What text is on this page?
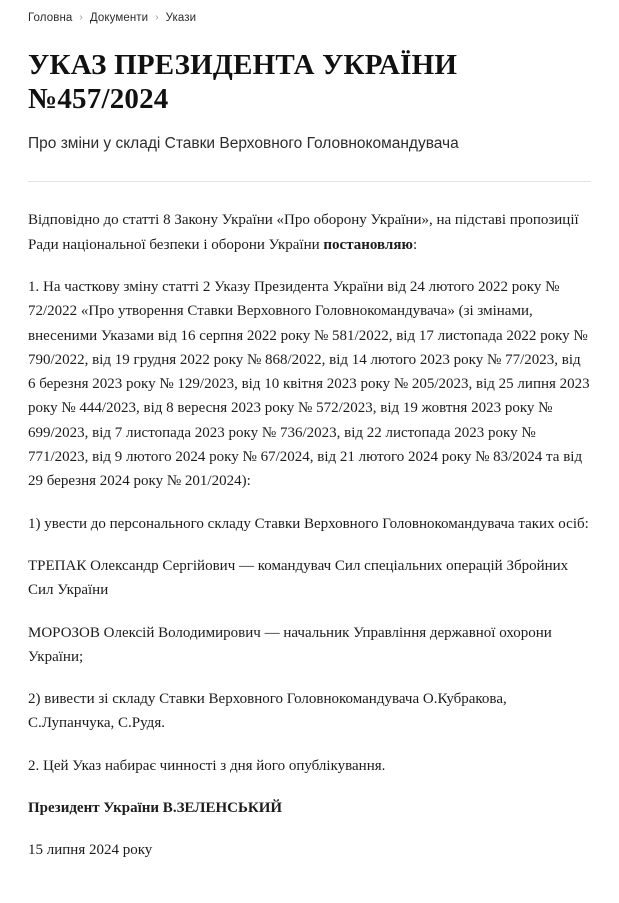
Головна › Документи › Укази
УКАЗ ПРЕЗИДЕНТА УКРАЇНИ №457/2024
Про зміни у складі Ставки Верховного Головнокомандувача

Відповідно до статті 8 Закону України «Про оборону України», на підставі пропозиції Ради національної безпеки і оборони України постановляю:

1. На часткову зміну статті 2 Указу Президента України від 24 лютого 2022 року № 72/2022 «Про утворення Ставки Верховного Головнокомандувача» (зі змінами, внесеними Указами від 16 серпня 2022 року № 581/2022, від 17 листопада 2022 року № 790/2022, від 19 грудня 2022 року № 868/2022, від 14 лютого 2023 року № 77/2023, від 6 березня 2023 року № 129/2023, від 10 квітня 2023 року № 205/2023, від 25 липня 2023 року № 444/2023, від 8 вересня 2023 року № 572/2023, від 19 жовтня 2023 року № 699/2023, від 7 листопада 2023 року № 736/2023, від 22 листопада 2023 року № 771/2023, від 9 лютого 2024 року № 67/2024, від 21 лютого 2024 року № 83/2024 та від 29 березня 2024 року № 201/2024):

1) увести до персонального складу Ставки Верховного Головнокомандувача таких осіб:

ТРЕПАК Олександр Сергійович — командувач Сил спеціальних операцій Збройних Сил України

МОРОЗОВ Олексій Володимирович — начальник Управління державної охорони України;

2) вивести зі складу Ставки Верховного Головнокомандувача О.Кубракова, С.Лупанчука, С.Рудя.

2. Цей Указ набирає чинності з дня його опублікування.

Президент України В.ЗЕЛЕНСЬКИЙ

15 липня 2024 року
